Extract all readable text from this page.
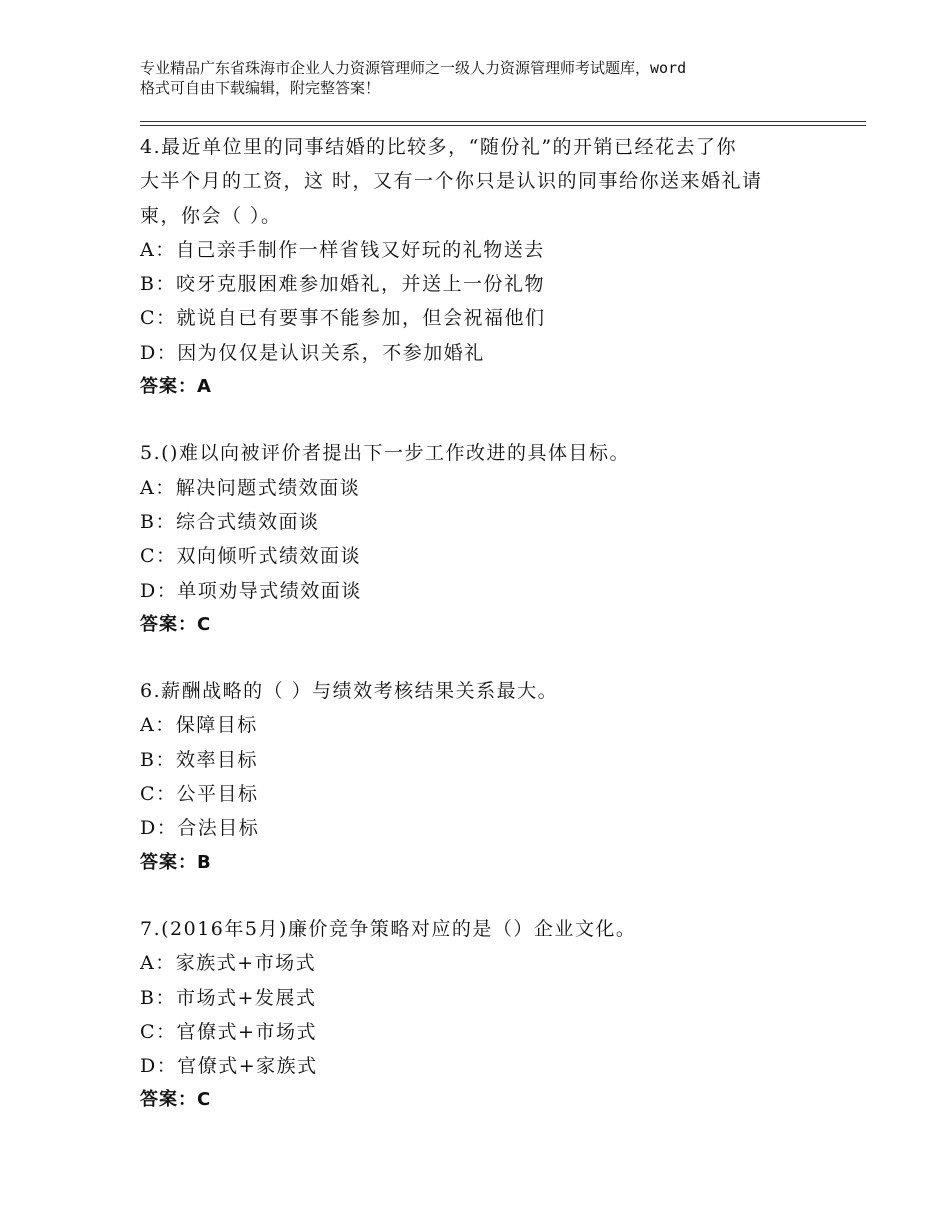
专业精品广东省珠海市企业人力资源管理师之一级人力资源管理师考试题库，word
格式可自由下载编辑，附完整答案！
4.最近单位里的同事结婚的比较多，“随份礼”的开销已经花去了你
大半个月的工资，这 时，又有一个你只是认识的同事给你送来婚礼请
柬，你会（ ）。
A：自己亲手制作一样省钱又好玩的礼物送去
B：咬牙克服困难参加婚礼，并送上一份礼物
C：就说自已有要事不能参加，但会祝福他们
D：因为仅仅是认识关系，不参加婚礼
答案：A
5.()难以向被评价者提出下一步工作改进的具体目标。
A：解决问题式绩效面谈
B：综合式绩效面谈
C：双向倾听式绩效面谈
D：单项劝导式绩效面谈
答案：C
6.薪酬战略的（ ）与绩效考核结果关系最大。
A：保障目标
B：效率目标
C：公平目标
D：合法目标
答案：B
7.(2016年5月)廉价竞争策略对应的是（）企业文化。
A：家族式+市场式
B：市场式+发展式
C：官僚式+市场式
D：官僚式+家族式
答案：C
